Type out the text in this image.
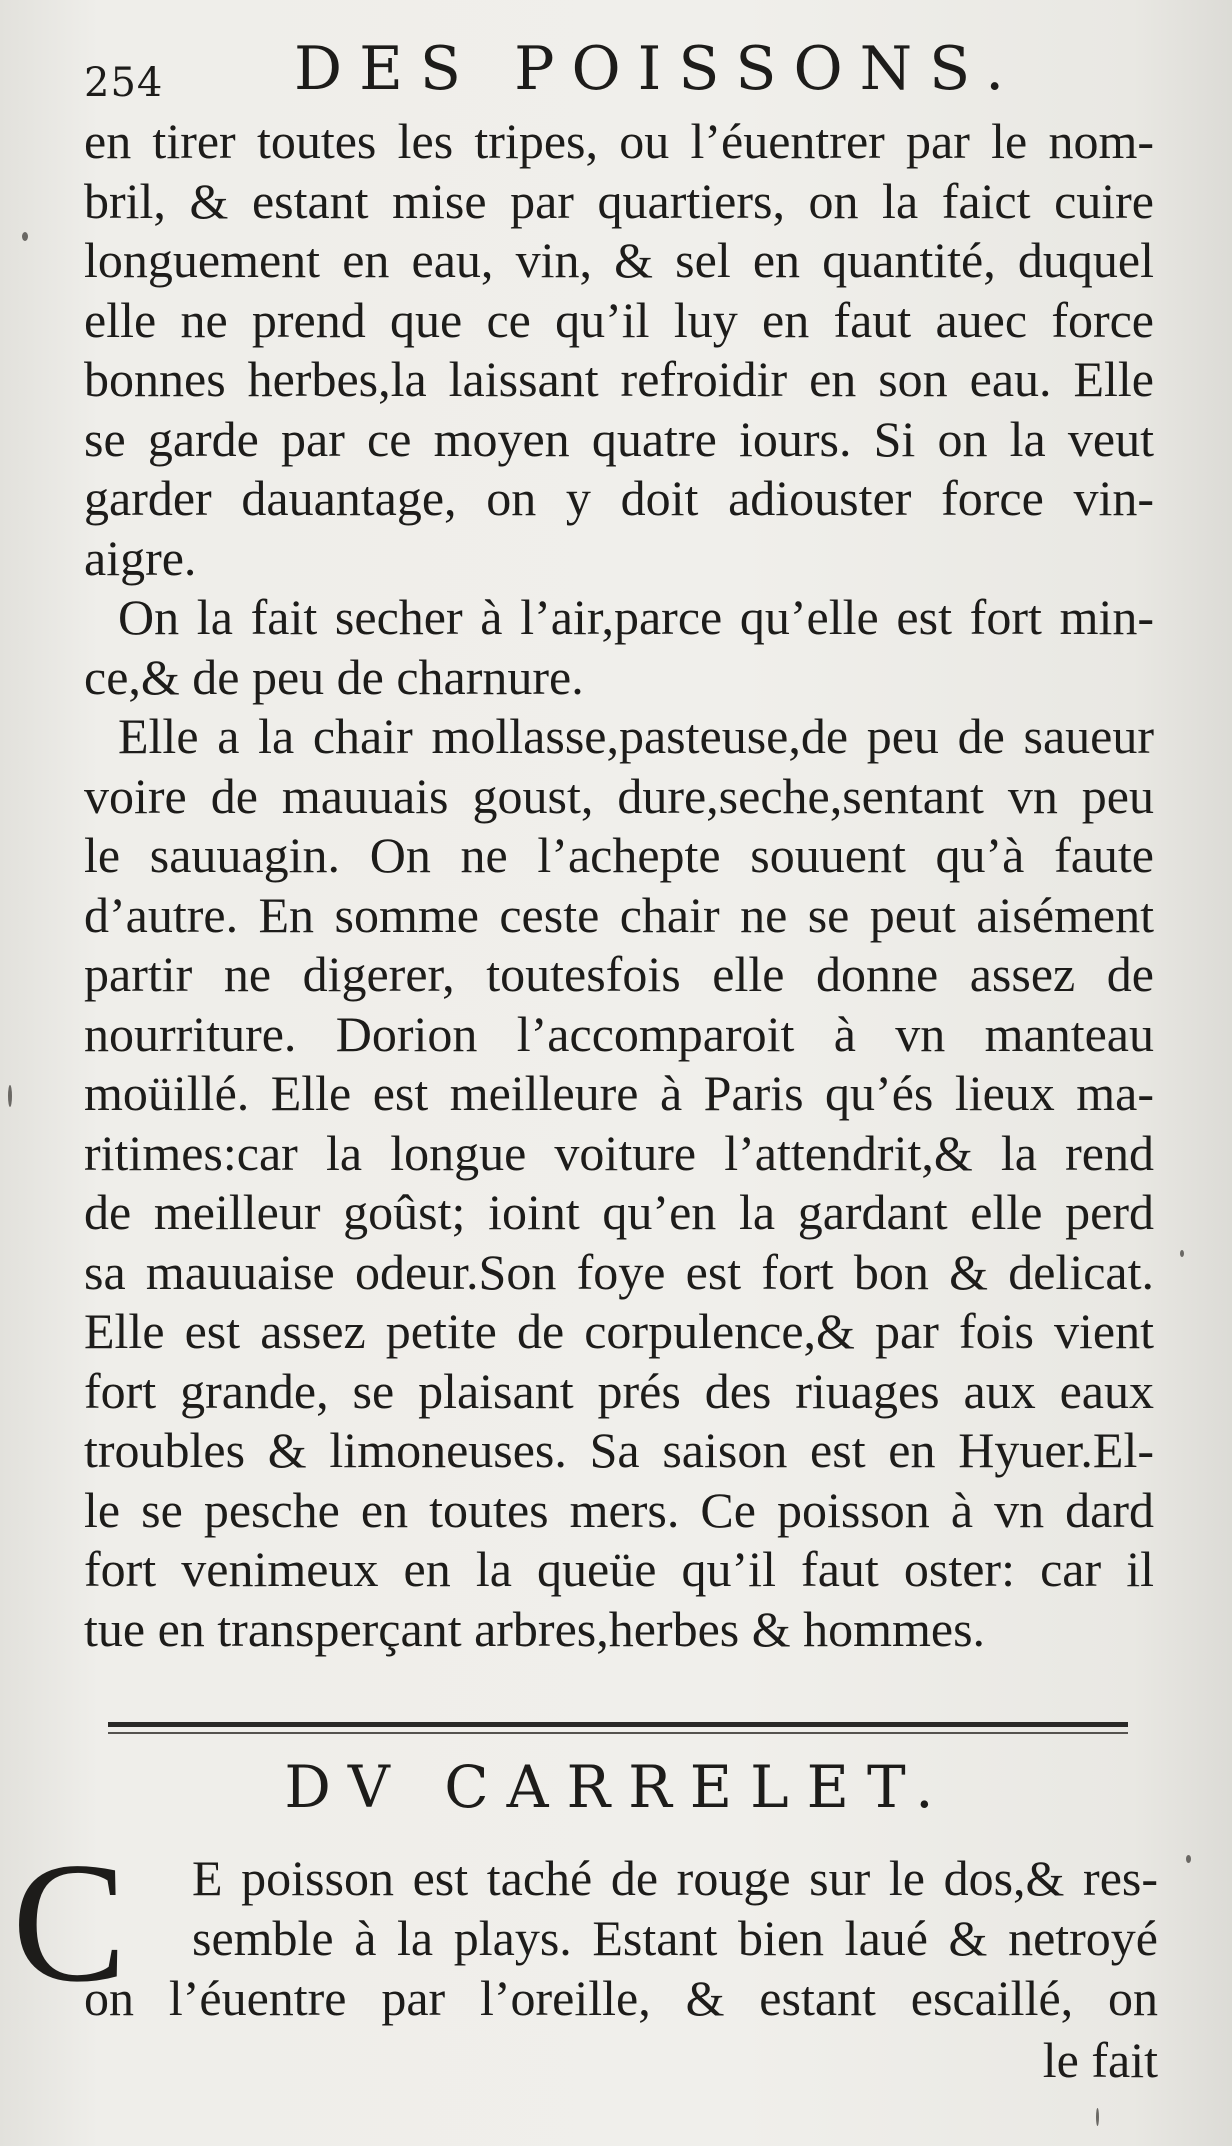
254 DES POISSONS.
en tirer toutes les tripes, ou l’éuentrer par le nom-
bril, & estant mise par quartiers, on la faict cuire
longuement en eau, vin, & sel en quantité, duquel
elle ne prend que ce qu’il luy en faut auec force
bonnes herbes,la laissant refroidir en son eau. Elle
se garde par ce moyen quatre iours. Si on la veut
garder dauantage, on y doit adiouster force vin-
aigre.
On la fait secher à l’air,parce qu’elle est fort min-
ce,& de peu de charnure.
Elle a la chair mollasse,pasteuse,de peu de saueur
voire de mauuais goust, dure,seche,sentant vn peu
le sauuagin. On ne l’achepte souuent qu’à faute
d’autre. En somme ceste chair ne se peut aisément
partir ne digerer, toutesfois elle donne assez de
nourriture. Dorion l’accomparoit à vn manteau
moüillé. Elle est meilleure à Paris qu’és lieux ma-
ritimes:car la longue voiture l’attendrit,& la rend
de meilleur goûst; ioint qu’en la gardant elle perd
sa mauuaise odeur.Son foye est fort bon & delicat.
Elle est assez petite de corpulence,& par fois vient
fort grande, se plaisant prés des riuages aux eaux
troubles & limoneuses. Sa saison est en Hyuer.El-
le se pesche en toutes mers. Ce poisson à vn dard
fort venimeux en la queüe qu’il faut oster: car il
tue en transperçant arbres,herbes & hommes.
DV CARRELET.
C	E poisson est taché de rouge sur le dos,& res-
semble à la plays. Estant bien laué & netroyé
on l’éuentre par l’oreille, & estant escaillé, on
le fait
